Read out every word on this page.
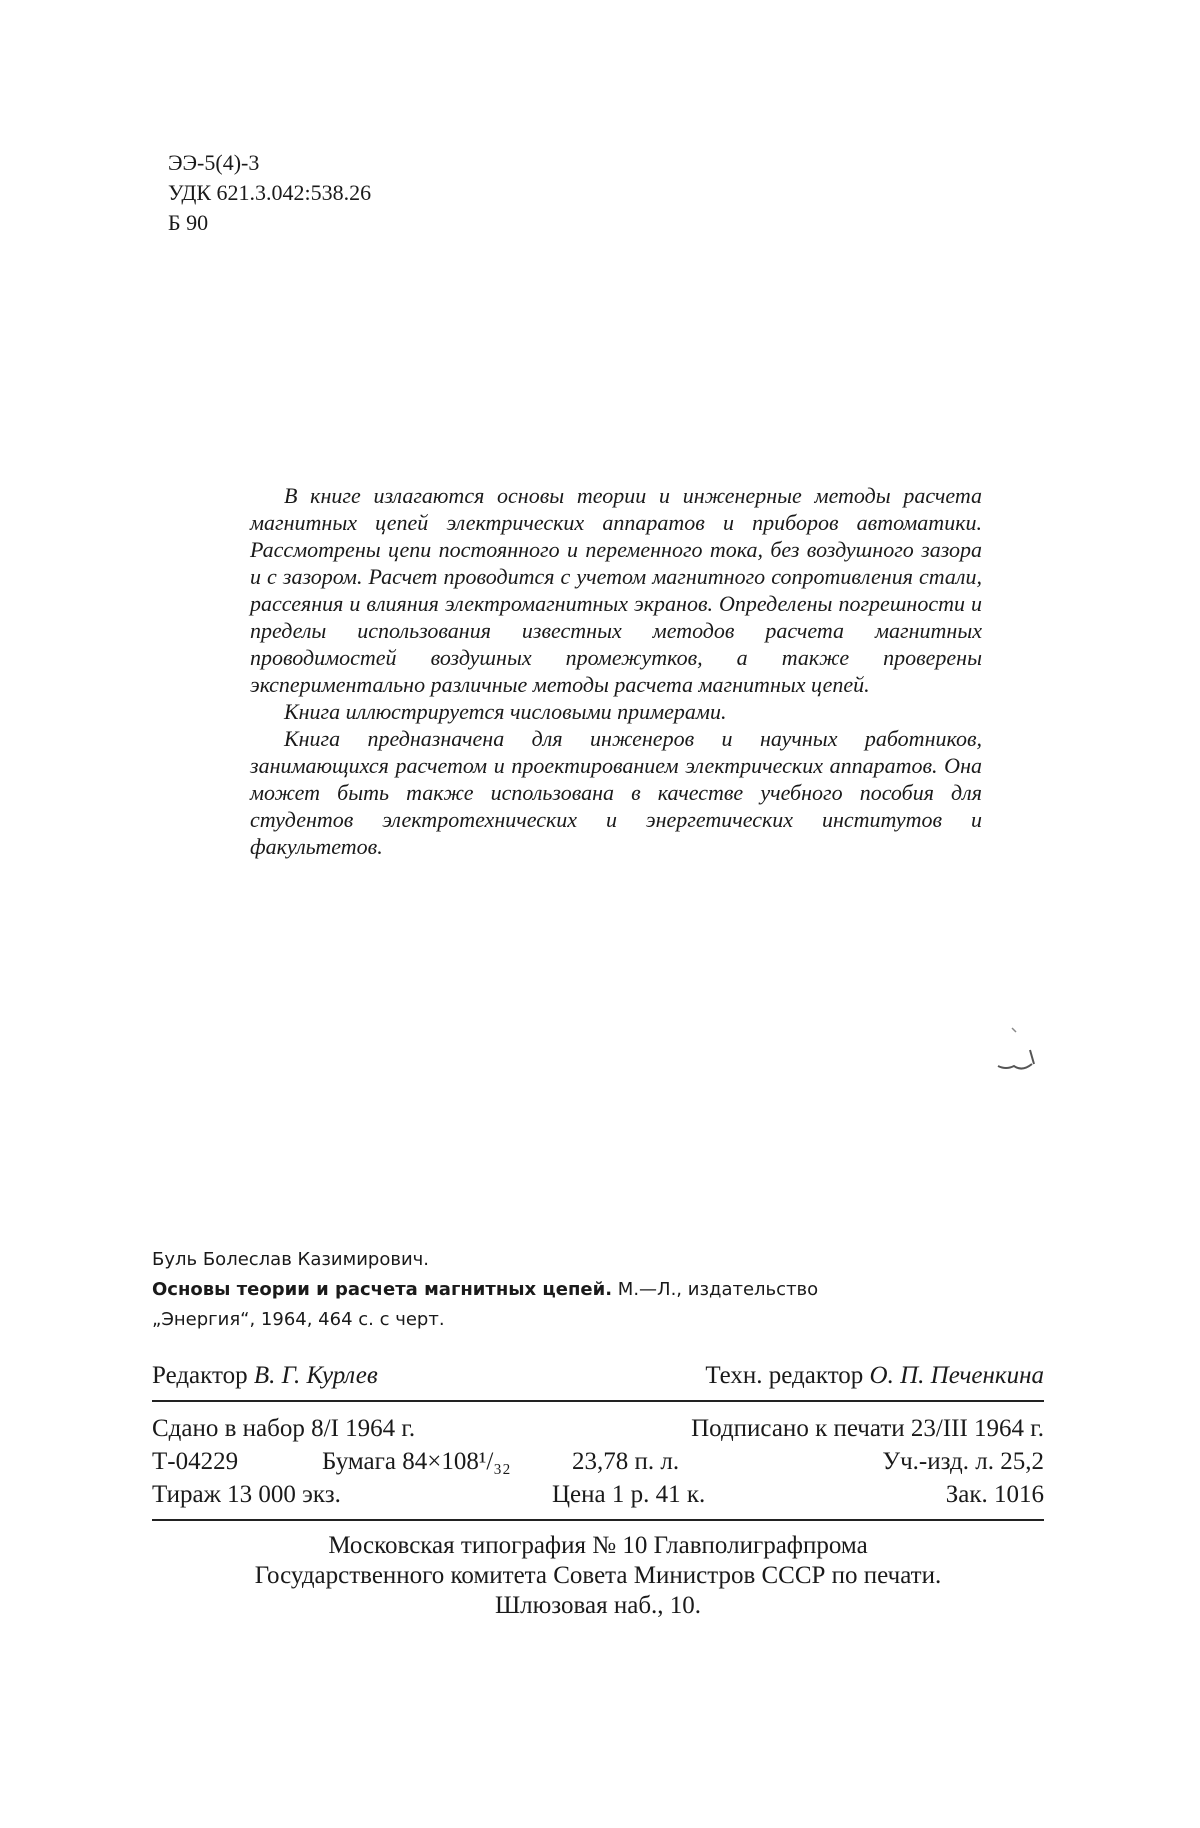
ЭЭ-5(4)-3
УДК 621.3.042:538.26
Б 90

В книге излагаются основы теории и инженерные методы расчета магнитных цепей электрических аппаратов и приборов автоматики. Рассмотрены цепи постоянного и переменного тока, без воздушного зазора и с зазором. Расчет проводится с учетом магнитного сопротивления стали, рассеяния и влияния электромагнитных экранов. Определены погрешности и пределы использования известных методов расчета магнитных проводимостей воздушных промежутков, а также проверены экспериментально различные методы расчета магнитных цепей.

Книга иллюстрируется числовыми примерами.

Книга предназначена для инженеров и научных работников, занимающихся расчетом и проектированием электрических аппаратов. Она может быть также использована в качестве учебного пособия для студентов электротехнических и энергетических институтов и факультетов.

Буль Болеслав Казимирович.
Основы теории и расчета магнитных цепей. М.—Л., издательство
„Энергия“, 1964, 464 с. с черт.
Редактор В. Г. Курлев	Техн. редактор О. П. Печенкина
Сдано в набор 8/I 1964 г.	Подписано к печати 23/III 1964 г.
Т-04229	Бумага 84×108¹/₃₂	23,78 п. л.	Уч.-изд. л. 25,2
Тираж 13 000 экз.	Цена 1 р. 41 к.	Зак. 1016
Московская типография № 10 Главполиграфпрома
Государственного комитета Совета Министров СССР по печати.
Шлюзовая наб., 10.
